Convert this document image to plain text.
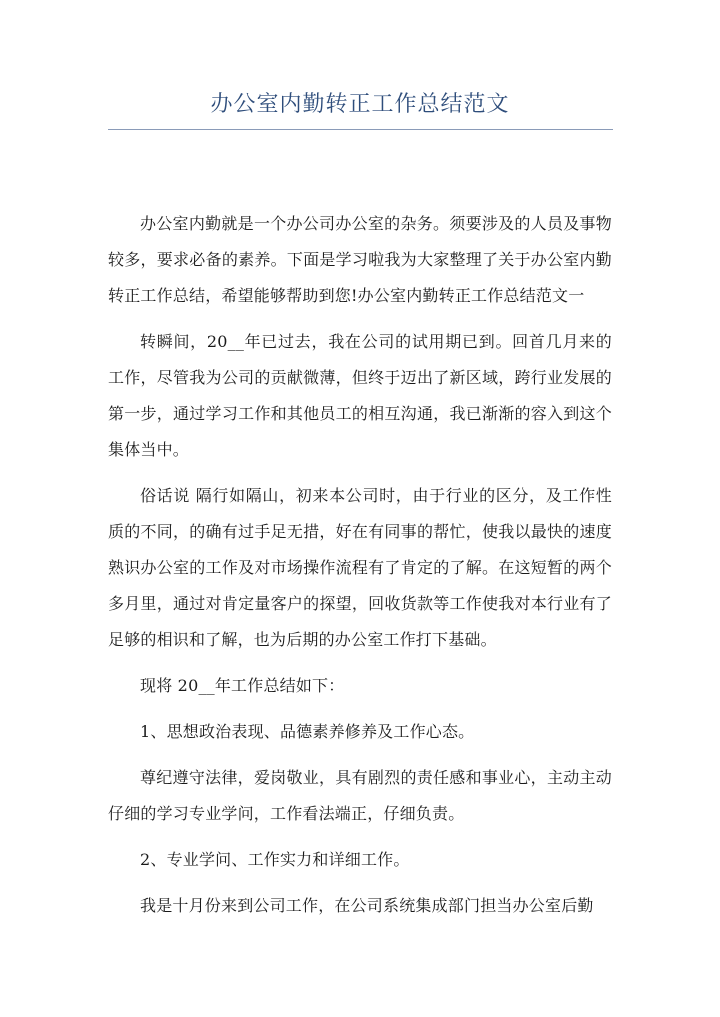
办公室内勤转正工作总结范文

办公室内勤就是一个办公司办公室的杂务。须要涉及的人员及事物较多，要求必备的素养。下面是学习啦我为大家整理了关于办公室内勤转正工作总结，希望能够帮助到您!办公室内勤转正工作总结范文一

转瞬间，20__年已过去，我在公司的试用期已到。回首几月来的工作，尽管我为公司的贡献微薄，但终于迈出了新区域，跨行业发展的第一步，通过学习工作和其他员工的相互沟通，我已渐渐的容入到这个集体当中。

俗话说 隔行如隔山，初来本公司时，由于行业的区分，及工作性质的不同，的确有过手足无措，好在有同事的帮忙，使我以最快的速度熟识办公室的工作及对市场操作流程有了肯定的了解。在这短暂的两个多月里，通过对肯定量客户的探望，回收货款等工作使我对本行业有了足够的相识和了解，也为后期的办公室工作打下基础。

现将 20__年工作总结如下：

1、思想政治表现、品德素养修养及工作心态。

尊纪遵守法律，爱岗敬业，具有剧烈的责任感和事业心，主动主动仔细的学习专业学问，工作看法端正，仔细负责。

2、专业学问、工作实力和详细工作。

我是十月份来到公司工作，在公司系统集成部门担当办公室后勤
